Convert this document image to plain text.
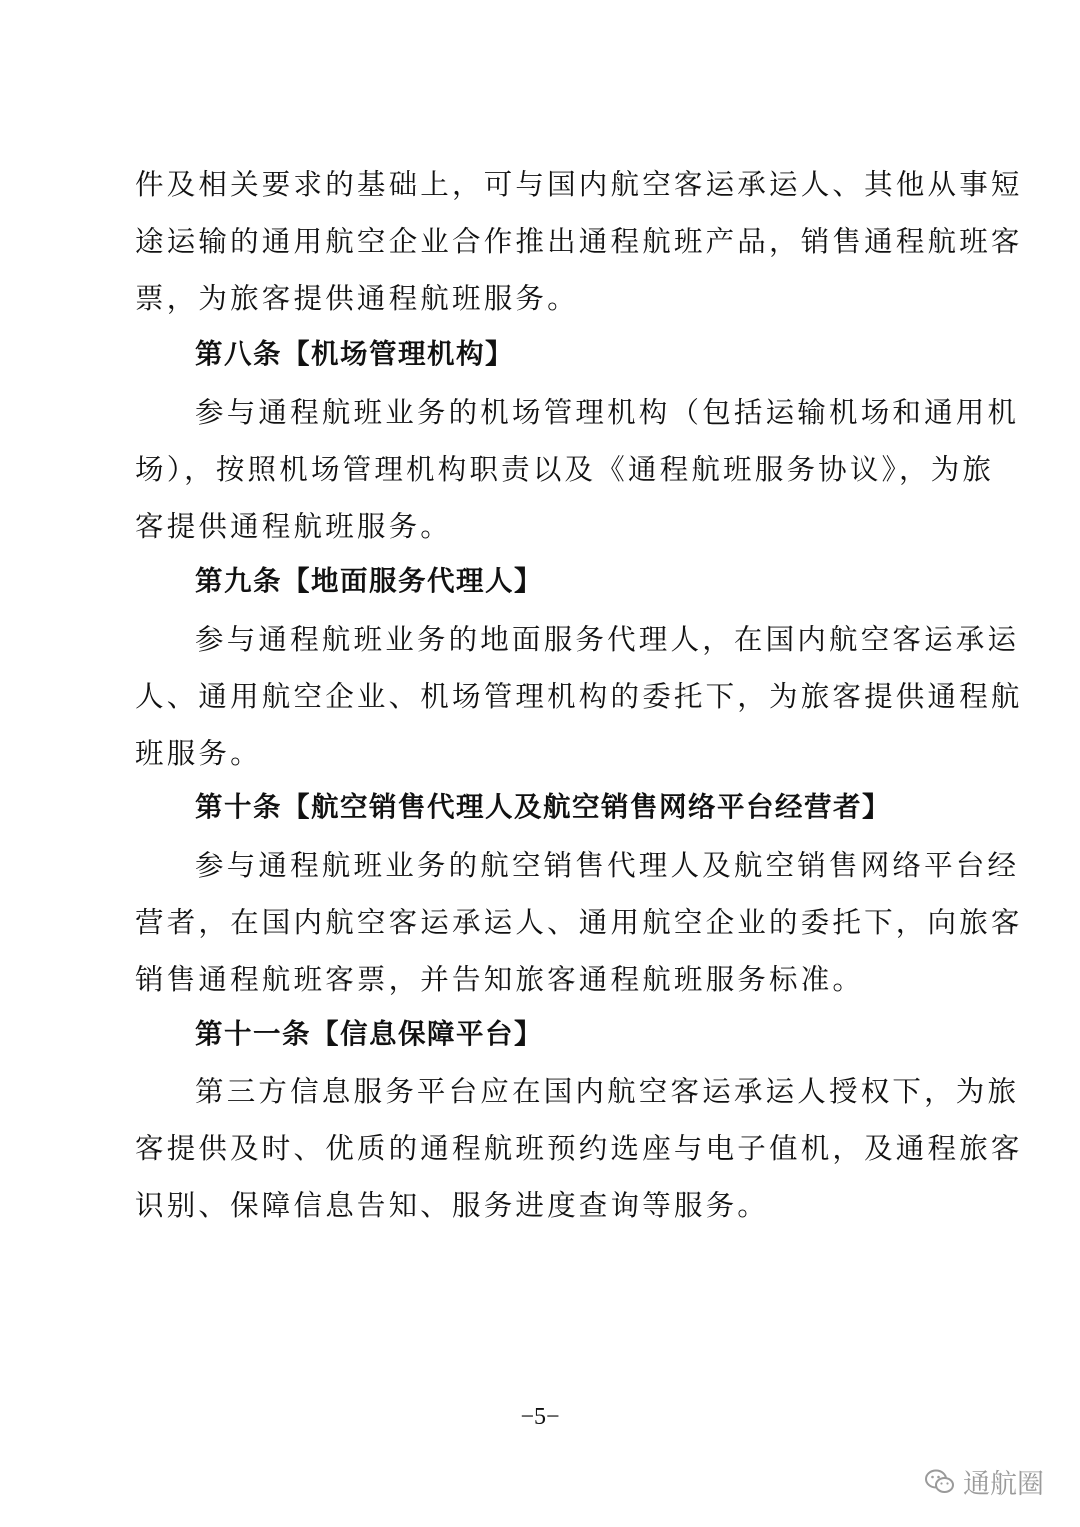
件及相关要求的基础上，可与国内航空客运承运人、其他从事短
途运输的通用航空企业合作推出通程航班产品，销售通程航班客
票，为旅客提供通程航班服务。
第八条【机场管理机构】
参与通程航班业务的机场管理机构（包括运输机场和通用机
场），按照机场管理机构职责以及《通程航班服务协议》，为旅
客提供通程航班服务。
第九条【地面服务代理人】
参与通程航班业务的地面服务代理人，在国内航空客运承运
人、通用航空企业、机场管理机构的委托下，为旅客提供通程航
班服务。
第十条【航空销售代理人及航空销售网络平台经营者】
参与通程航班业务的航空销售代理人及航空销售网络平台经
营者，在国内航空客运承运人、通用航空企业的委托下，向旅客
销售通程航班客票，并告知旅客通程航班服务标准。
第十一条【信息保障平台】
第三方信息服务平台应在国内航空客运承运人授权下，为旅
客提供及时、优质的通程航班预约选座与电子值机，及通程旅客
识别、保障信息告知、服务进度查询等服务。
−5−
通航圈
